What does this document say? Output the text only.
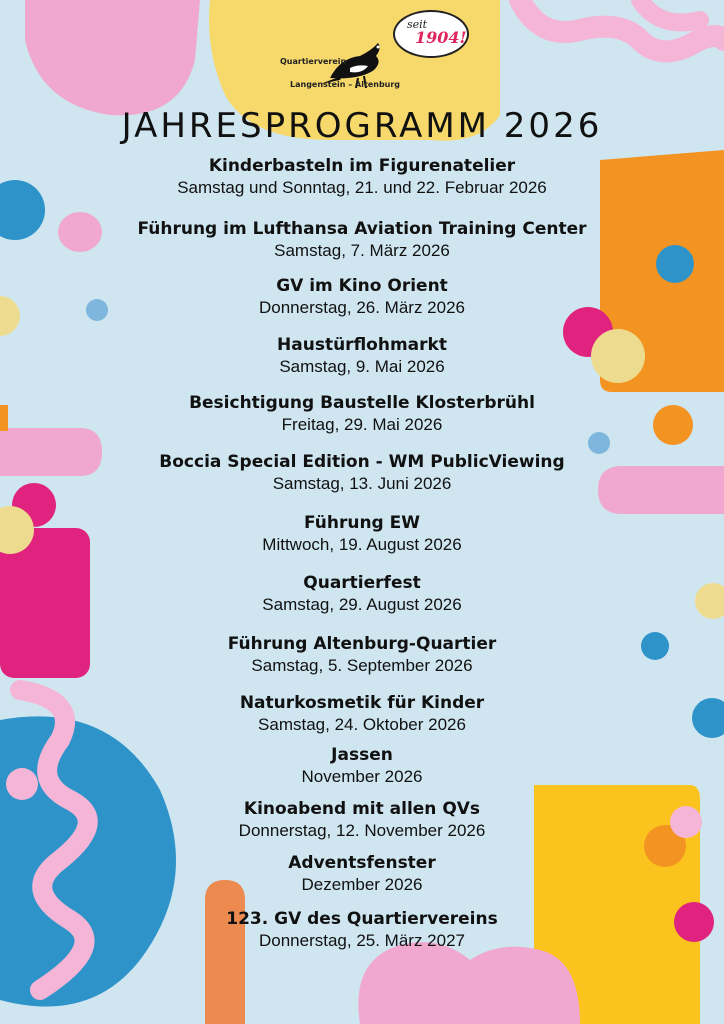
Quartierverein
Langenstein – Altenburg
seit
1904!
JAHRESPROGRAMM 2026
Kinderbasteln im Figurenatelier
Samstag und Sonntag, 21. und 22. Februar 2026
Führung im Lufthansa Aviation Training Center
Samstag, 7. März 2026
GV im Kino Orient
Donnerstag, 26. März 2026
Haustürflohmarkt
Samstag, 9. Mai 2026
Besichtigung Baustelle Klosterbrühl
Freitag, 29. Mai 2026
Boccia Special Edition - WM PublicViewing
Samstag, 13. Juni 2026
Führung EW
Mittwoch, 19. August 2026
Quartierfest
Samstag, 29. August 2026
Führung Altenburg-Quartier
Samstag, 5. September 2026
Naturkosmetik für Kinder
Samstag, 24. Oktober 2026
Jassen
November 2026
Kinoabend mit allen QVs
Donnerstag, 12. November 2026
Adventsfenster
Dezember 2026
123. GV des Quartiervereins
Donnerstag, 25. März 2027
